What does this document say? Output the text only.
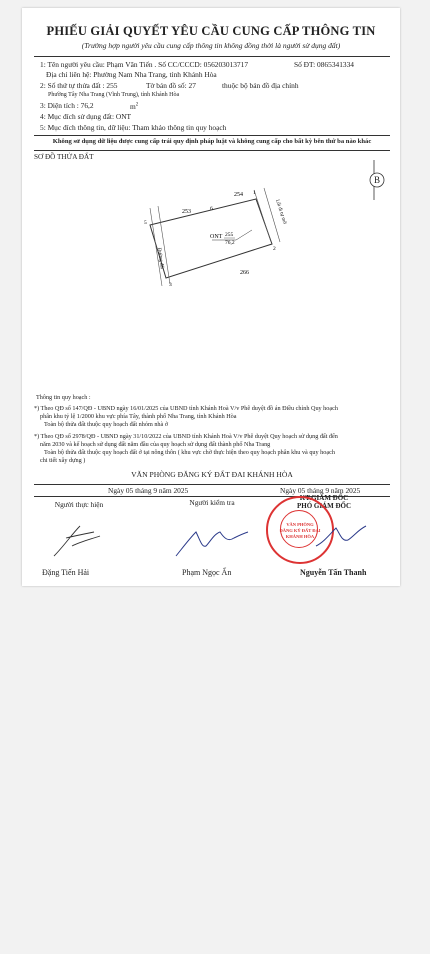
PHIẾU GIẢI QUYẾT YÊU CẦU CUNG CẤP THÔNG TIN
(Trường hợp người yêu cầu cung cấp thông tin không đồng thời là người sử dụng đất)
1: Tên người yêu cầu: Phạm Văn Tiến . Số CC/CCCD: 056203013717	Số ĐT: 0865341334
Địa chỉ liên hệ: Phường Nam Nha Trang, tỉnh Khánh Hòa
2: Số thứ tự thửa đất : 255	Tờ bản đồ số: 27	thuộc bộ bản đồ địa chính
Phường Tây Nha Trang (Vĩnh Trung), tỉnh Khánh Hòa
3: Diện tích : 76,2	$m^2$
4: Mục đích sử dụng đất: ONT
5: Mục đích thông tin, dữ liệu: Tham khảo thông tin quy hoạch
Không sử dụng dữ liệu được cung cấp trái quy định pháp luật và không cung cấp cho bất kỳ bên thứ ba nào khác
SƠ ĐỒ THỬA ĐẤT
B
254
253
266
ONT 255
76,2
1
2
3
5
6	Lối đi tự mở
Đường đất
Thông tin quy hoạch :
*) Theo QĐ số 147/QĐ - UBND ngày 16/01/2025 của UBND tỉnh Khánh Hoà V/v Phê duyệt đồ án Điều chỉnh Quy hoạch
phân khu tỷ lệ 1/2000 khu vực phía Tây, thành phố Nha Trang, tỉnh Khánh Hòa
Toàn bộ thửa đất thuộc quy hoạch đất nhóm nhà ở
*) Theo QĐ số 2978/QĐ - UBND ngày 31/10/2022 của UBND tỉnh Khánh Hoà V/v Phê duyệt Quy hoạch sử dụng đất đến
năm 2030 và kế hoạch sử dụng đất năm đầu của quy hoạch sử dụng đất thành phố Nha Trang
Toàn bộ thửa đất thuộc quy hoạch đất ở tại nông thôn ( khu vực chờ thực hiện theo quy hoạch phân khu và quy hoạch
chi tiết xây dựng )
VĂN PHÒNG ĐĂNG KÝ ĐẤT ĐAI KHÁNH HÒA
Ngày 05 tháng 9 năm 2025	Ngày 05 tháng 9 năm 2025
Người thực hiện	Người kiểm tra	KT.GIÁM ĐỐC
PHÓ GIÁM ĐỐC
VĂN PHÒNG
ĐĂNG KÝ ĐẤT ĐAI
KHÁNH HÒA
Đặng Tiến Hải	Phạm Ngọc Ấn	Nguyễn Tấn Thanh
